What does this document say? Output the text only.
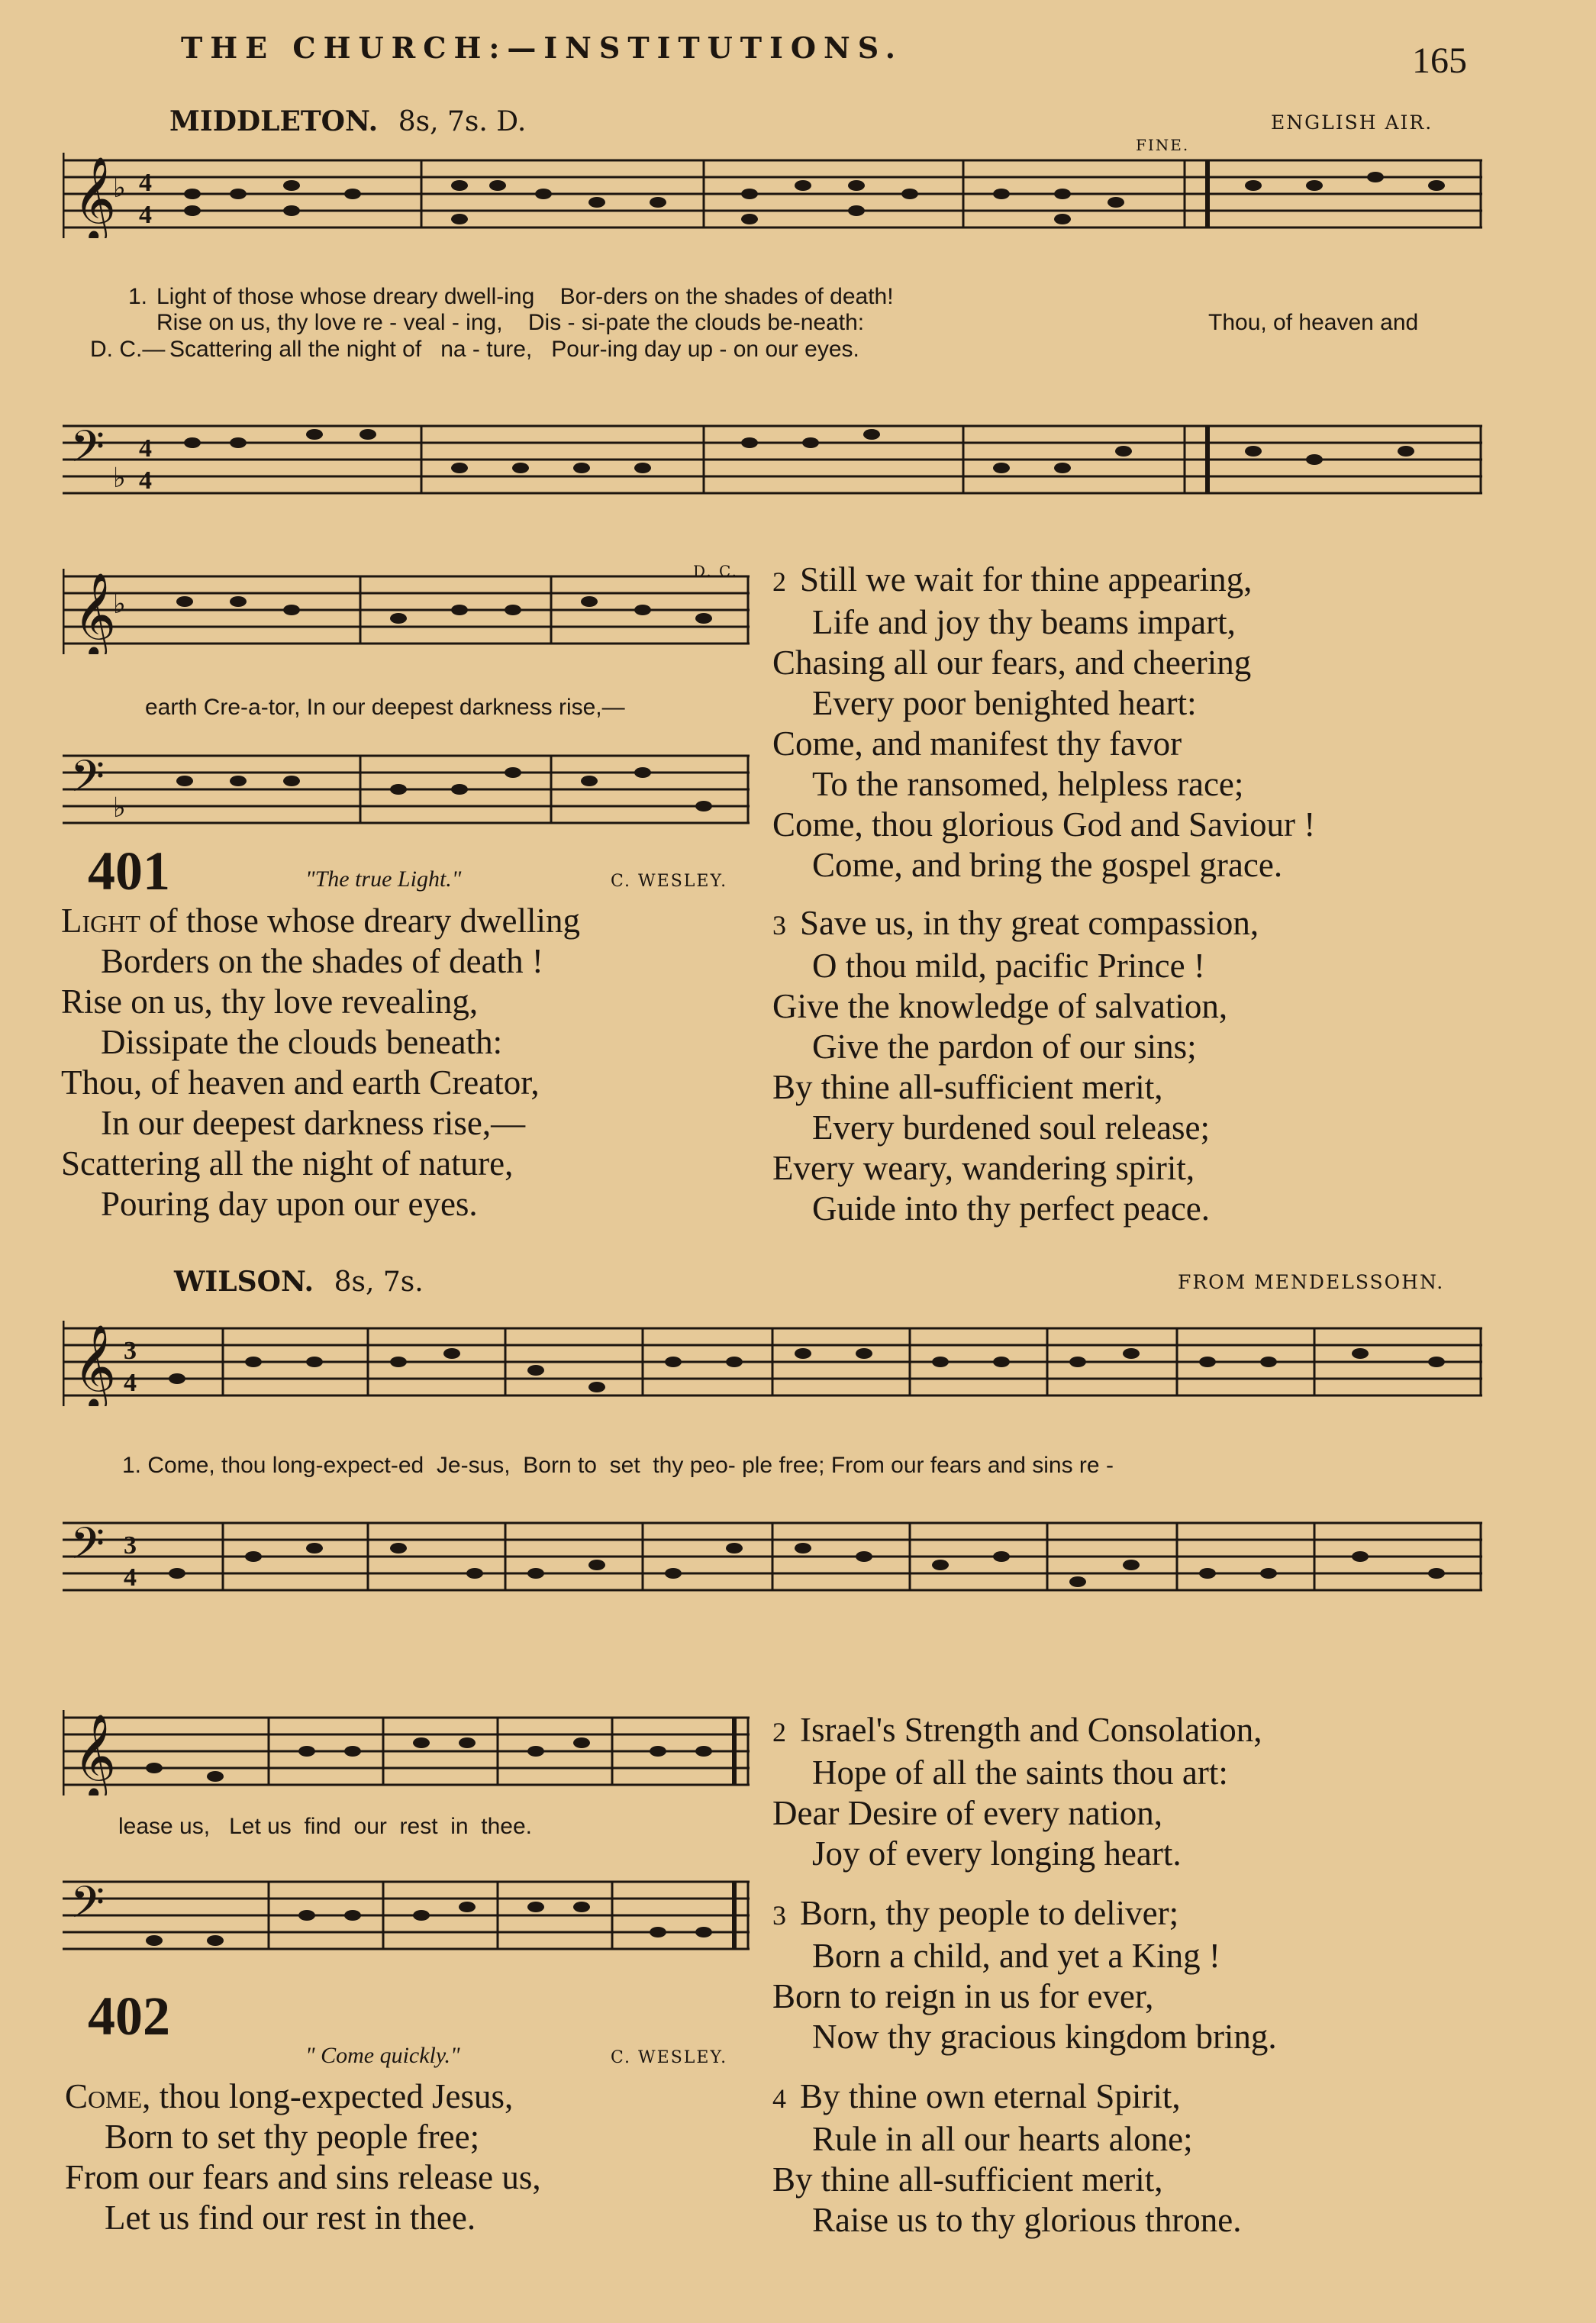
THE CHURCH:—INSTITUTIONS.	165
MIDDLETON. 8s, 7s. D.	ENGLISH AIR.
FINE.
𝄞
♭ 4
4
1. Light of those whose dreary dwell-ing    Bor-ders on the shades of death!
Rise on us, thy love re - veal - ing,    Dis - si-pate the clouds be-neath:	Thou, of heaven and
D. C.— Scattering all the night of   na - ture,   Pour-ing day up - on our eyes.
𝄢 ♭
4
4
𝄞
♭
D. C.
earth Cre-a-tor, In our deepest darkness rise,—
𝄢 ♭
401	"The true Light."	C. WESLEY.
Light of those whose dreary dwelling
Borders on the shades of death !
Rise on us, thy love revealing,
Dissipate the clouds beneath:
Thou, of heaven and earth Creator,
In our deepest darkness rise,—
Scattering all the night of nature,
Pouring day upon our eyes.
2 Still we wait for thine appearing,
Life and joy thy beams impart,
Chasing all our fears, and cheering
Every poor benighted heart:
Come, and manifest thy favor
To the ransomed, helpless race;
Come, thou glorious God and Saviour !
Come, and bring the gospel grace.
3 Save us, in thy great compassion,
O thou mild, pacific Prince !
Give the knowledge of salvation,
Give the pardon of our sins;
By thine all-sufficient merit,
Every burdened soul release;
Every weary, wandering spirit,
Guide into thy perfect peace.
WILSON. 8s, 7s.	FROM MENDELSSOHN.
𝄞 3
4
1. Come, thou long-expect-ed  Je-sus,  Born to  set  thy peo- ple free; From our fears and sins re -
𝄢 3
4
𝄞
lease us,   Let us  find  our  rest  in  thee.
𝄢
402
" Come quickly."	C. WESLEY.
Come, thou long-expected Jesus,
Born to set thy people free;
From our fears and sins release us,
Let us find our rest in thee.
2 Israel's Strength and Consolation,
Hope of all the saints thou art:
Dear Desire of every nation,
Joy of every longing heart.
3 Born, thy people to deliver;
Born a child, and yet a King !
Born to reign in us for ever,
Now thy gracious kingdom bring.
4 By thine own eternal Spirit,
Rule in all our hearts alone;
By thine all-sufficient merit,
Raise us to thy glorious throne.
